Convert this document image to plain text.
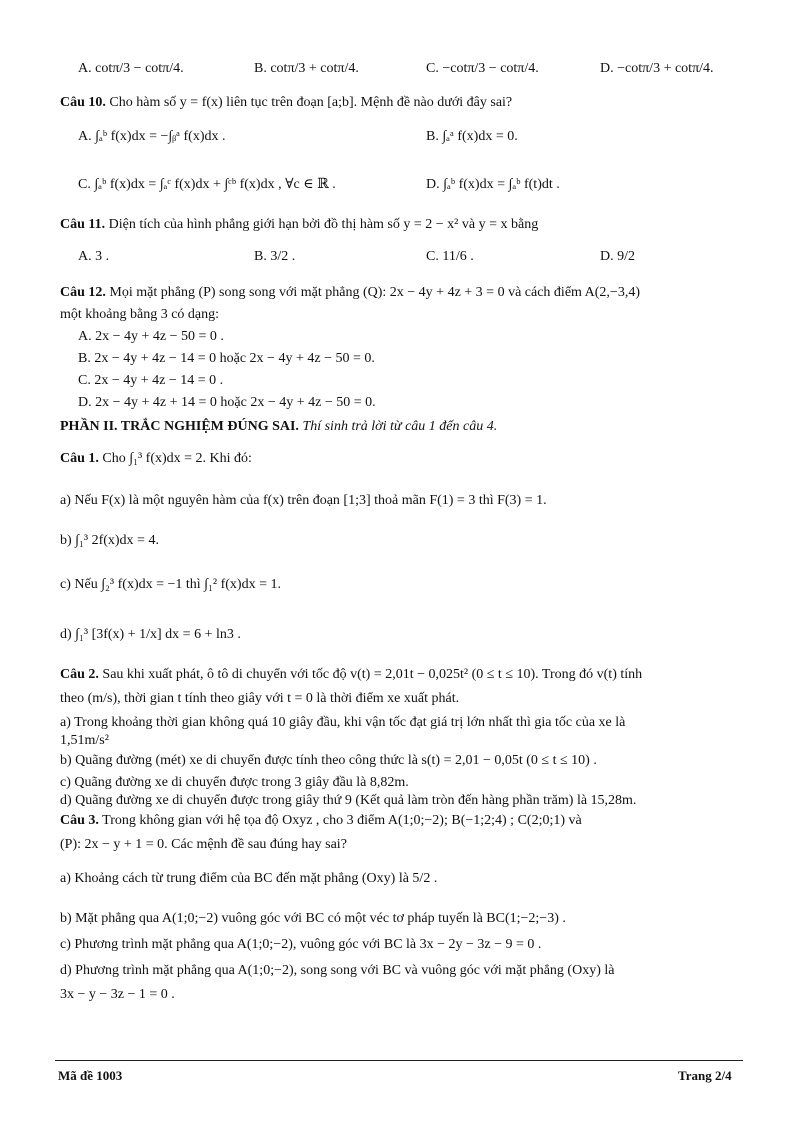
A. cotπ/3 − cotπ/4.	B. cotπ/3 + cotπ/4.	C. −cotπ/3 − cotπ/4.	D. −cotπ/3 + cotπ/4.
Câu 10. Cho hàm số y = f(x) liên tục trên đoạn [a;b]. Mệnh đề nào dưới đây sai?
A. ∫ₐᵇ f(x)dx = −∫ᵦᵃ f(x)dx .	B. ∫ₐᵃ f(x)dx = 0.
C. ∫ₐᵇ f(x)dx = ∫ₐᶜ f(x)dx + ∫ᶜᵇ f(x)dx , ∀c ∈ ℝ .	D. ∫ₐᵇ f(x)dx = ∫ₐᵇ f(t)dt .
Câu 11. Diện tích của hình phẳng giới hạn bởi đồ thị hàm số y = 2 − x² và y = x bằng
A. 3 .	B. 3/2 .	C. 11/6 .	D. 9/2
Câu 12. Mọi mặt phẳng (P) song song với mặt phẳng (Q): 2x − 4y + 4z + 3 = 0 và cách điểm A(2,−3,4)
một khoảng bằng 3 có dạng:
A. 2x − 4y + 4z − 50 = 0 .
B. 2x − 4y + 4z − 14 = 0 hoặc 2x − 4y + 4z − 50 = 0.
C. 2x − 4y + 4z − 14 = 0 .
D. 2x − 4y + 4z + 14 = 0 hoặc 2x − 4y + 4z − 50 = 0.
PHẦN II. TRẮC NGHIỆM ĐÚNG SAI. Thí sinh trả lời từ câu 1 đến câu 4.
Câu 1. Cho ∫₁³ f(x)dx = 2. Khi đó:
a) Nếu F(x) là một nguyên hàm của f(x) trên đoạn [1;3] thoả mãn F(1) = 3 thì F(3) = 1.
b) ∫₁³ 2f(x)dx = 4.
c) Nếu ∫₂³ f(x)dx = −1 thì ∫₁² f(x)dx = 1.
d) ∫₁³ [3f(x) + 1/x] dx = 6 + ln3 .
Câu 2. Sau khi xuất phát, ô tô di chuyển với tốc độ v(t) = 2,01t − 0,025t² (0 ≤ t ≤ 10). Trong đó v(t) tính
theo (m/s), thời gian t tính theo giây với t = 0 là thời điểm xe xuất phát.
a) Trong khoảng thời gian không quá 10 giây đầu, khi vận tốc đạt giá trị lớn nhất thì gia tốc của xe là
1,51m/s²
b) Quãng đường (mét) xe di chuyển được tính theo công thức là s(t) = 2,01 − 0,05t (0 ≤ t ≤ 10) .
c) Quãng đường xe di chuyển được trong 3 giây đầu là 8,82m.
d) Quãng đường xe di chuyển được trong giây thứ 9 (Kết quả làm tròn đến hàng phần trăm) là 15,28m.
Câu 3. Trong không gian với hệ tọa độ Oxyz , cho 3 điểm A(1;0;−2); B(−1;2;4) ; C(2;0;1) và
(P): 2x − y + 1 = 0. Các mệnh đề sau đúng hay sai?
a) Khoảng cách từ trung điểm của BC đến mặt phẳng (Oxy) là 5/2 .
b) Mặt phẳng qua A(1;0;−2) vuông góc với BC có một véc tơ pháp tuyến là BC(1;−2;−3) .
c) Phương trình mặt phẳng qua A(1;0;−2), vuông góc với BC là 3x − 2y − 3z − 9 = 0 .
d) Phương trình mặt phẳng qua A(1;0;−2), song song với BC và vuông góc với mặt phẳng (Oxy) là
3x − y − 3z − 1 = 0 .
Mã đề 1003	Trang 2/4
